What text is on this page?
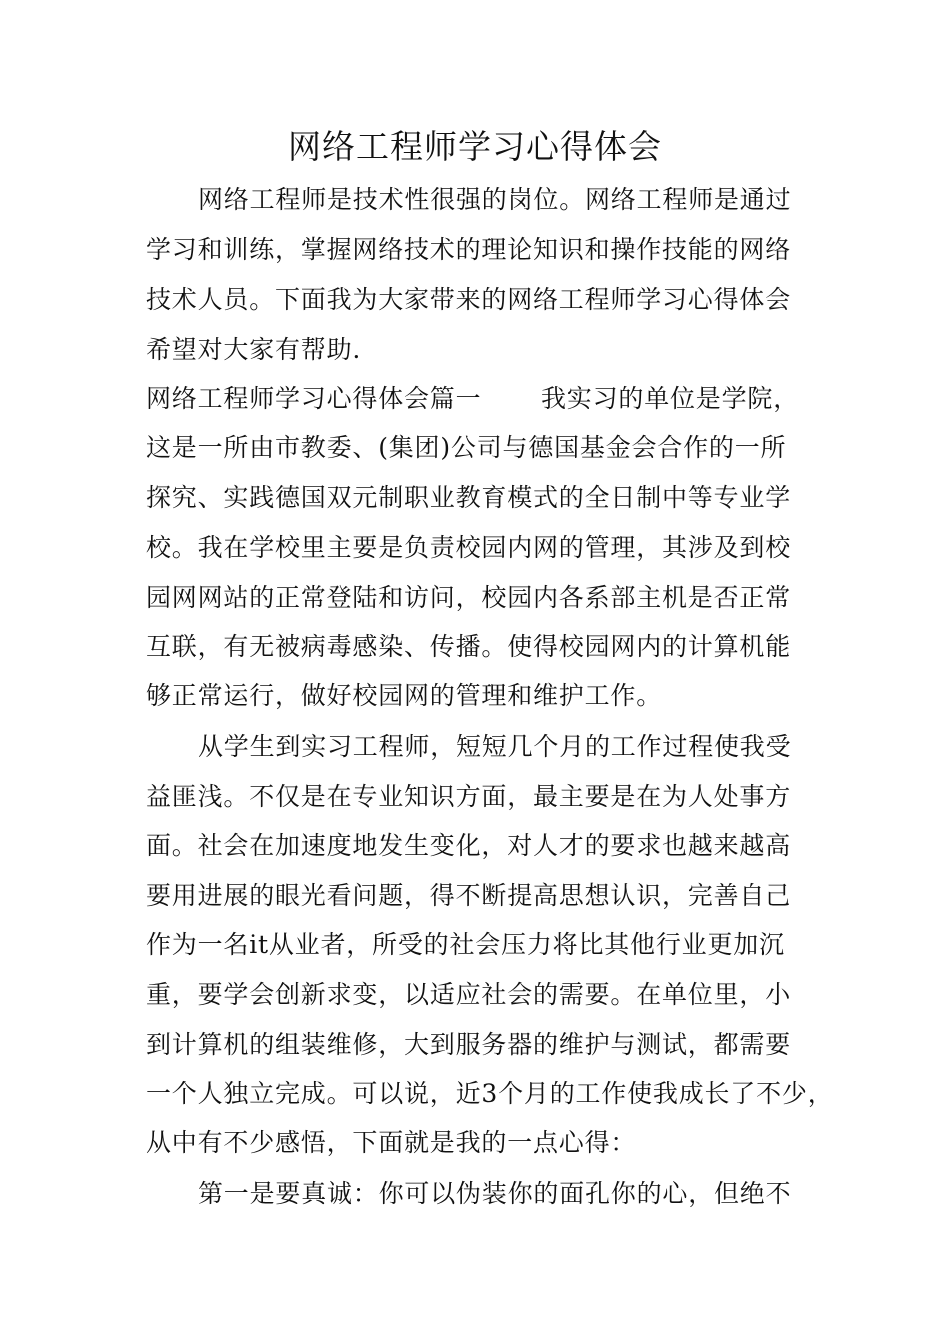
网络工程师学习心得体会
网络工程师是技术性很强的岗位。网络工程师是通过
学习和训练，掌握网络技术的理论知识和操作技能的网络
技术人员。下面我为大家带来的网络工程师学习心得体会
希望对大家有帮助.
网络工程师学习心得体会篇一 我实习的单位是学院，
这是一所由市教委、(集团)公司与德国基金会合作的一所
探究、实践德国双元制职业教育模式的全日制中等专业学
校。我在学校里主要是负责校园内网的管理，其涉及到校
园网网站的正常登陆和访问，校园内各系部主机是否正常
互联，有无被病毒感染、传播。使得校园网内的计算机能
够正常运行，做好校园网的管理和维护工作。
从学生到实习工程师，短短几个月的工作过程使我受
益匪浅。不仅是在专业知识方面，最主要是在为人处事方
面。社会在加速度地发生变化，对人才的要求也越来越高
要用进展的眼光看问题，得不断提高思想认识，完善自己
作为一名it从业者，所受的社会压力将比其他行业更加沉
重，要学会创新求变，以适应社会的需要。在单位里，小
到计算机的组装维修，大到服务器的维护与测试，都需要
一个人独立完成。可以说，近3个月的工作使我成长了不少，
从中有不少感悟，下面就是我的一点心得：
第一是要真诚：你可以伪装你的面孔你的心，但绝不
